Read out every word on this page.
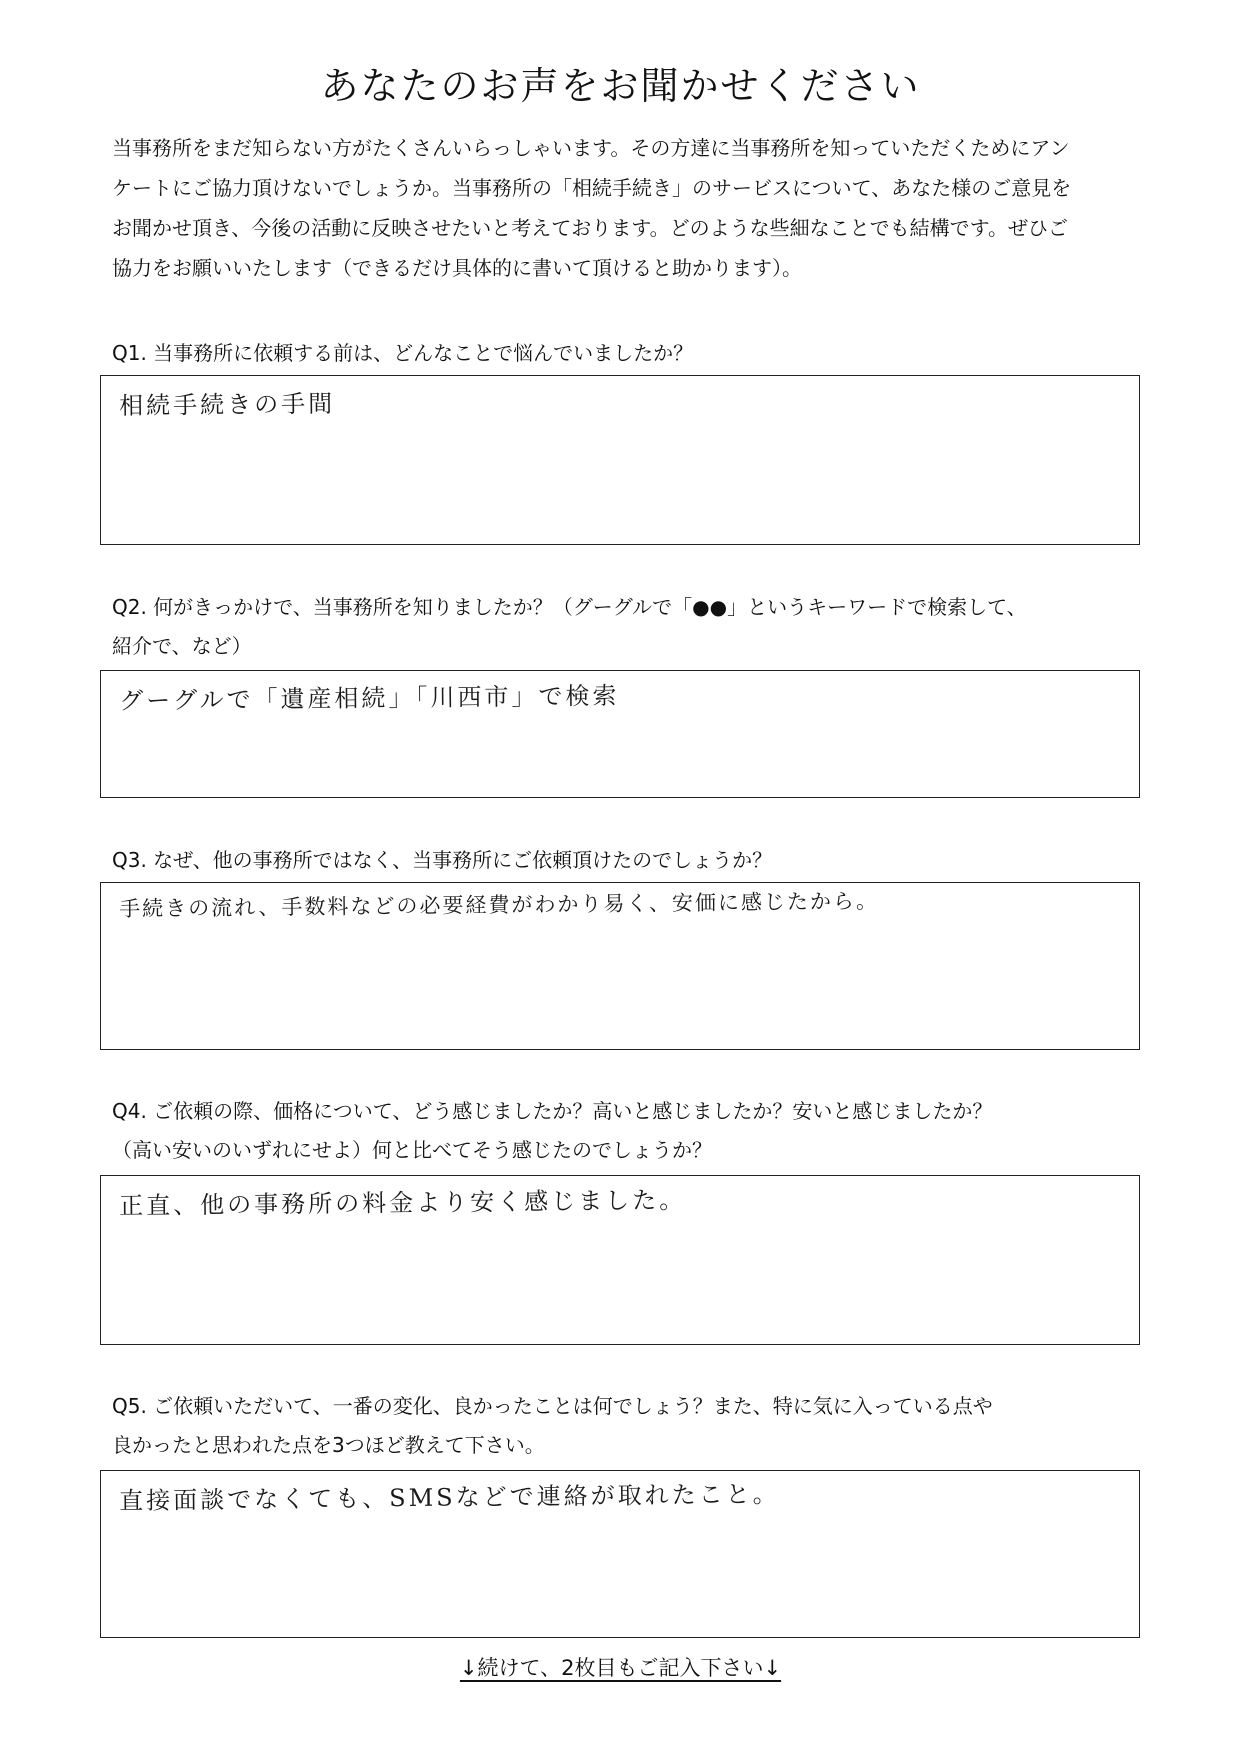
あなたのお声をお聞かせください

当事務所をまだ知らない方がたくさんいらっしゃいます。その方達に当事務所を知っていただくためにアン

ケートにご協力頂けないでしょうか。当事務所の「相続手続き」のサービスについて、あなた様のご意見を

お聞かせ頂き、今後の活動に反映させたいと考えております。どのような些細なことでも結構です。ぜひご

協力をお願いいたします（できるだけ具体的に書いて頂けると助かります）。

Q1. 当事務所に依頼する前は、どんなことで悩んでいましたか？
相続手続きの手間
Q2. 何がきっかけで、当事務所を知りましたか？（グーグルで「●●」というキーワードで検索して、
紹介で、など）
グーグルで「遺産相続」「川西市」で検索
Q3. なぜ、他の事務所ではなく、当事務所にご依頼頂けたのでしょうか？
手続きの流れ、手数料などの必要経費がわかり易く、安価に感じたから。
Q4. ご依頼の際、価格について、どう感じましたか？高いと感じましたか？安いと感じましたか？
（高い安いのいずれにせよ）何と比べてそう感じたのでしょうか？
正直、他の事務所の料金より安く感じました。
Q5. ご依頼いただいて、一番の変化、良かったことは何でしょう？また、特に気に入っている点や
良かったと思われた点を3つほど教えて下さい。
直接面談でなくても、SMSなどで連絡が取れたこと。
↓続けて、2枚目もご記入下さい↓
